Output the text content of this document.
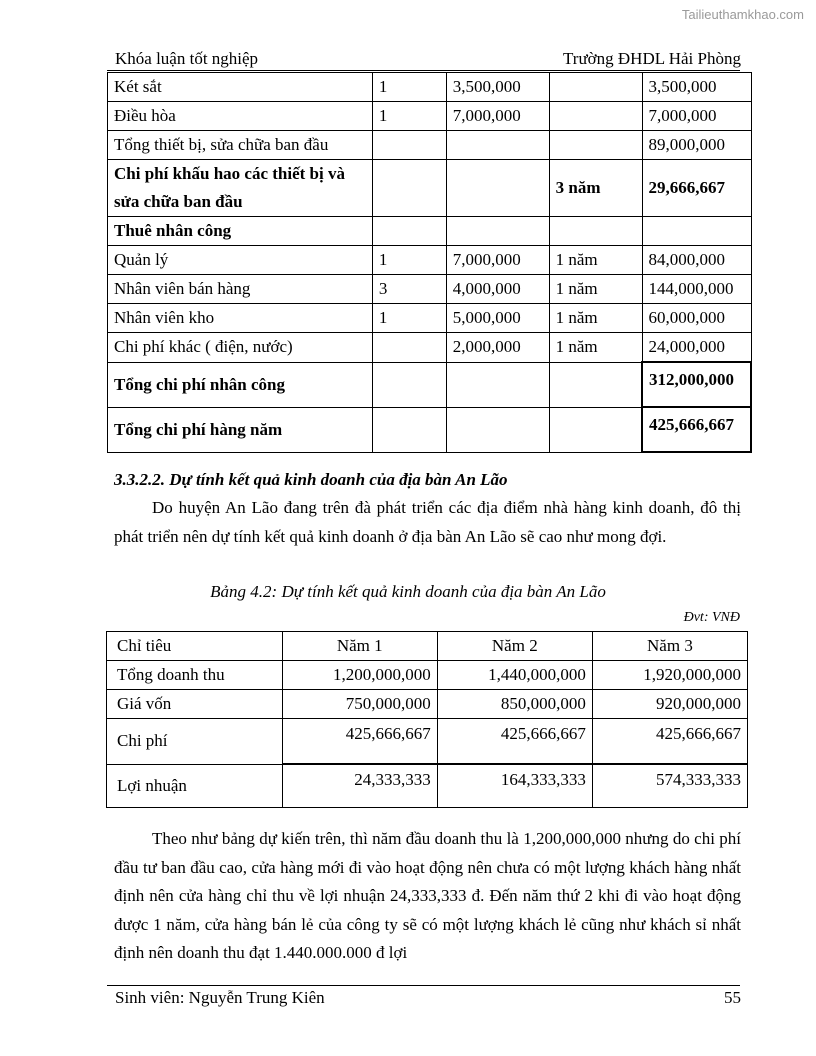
Tailieuthamkhao.com
Khóa luận tốt nghiệp	Trường ĐHDL Hải Phòng
Két sắt	1	3,500,000		3,500,000
Điều hòa	1	7,000,000		7,000,000
Tổng thiết bị, sửa chữa ban đầu				89,000,000
Chi phí khấu hao các thiết bị và sửa chữa ban đầu			3 năm	29,666,667
Thuê nhân công				
Quản lý	1	7,000,000	1 năm	84,000,000
Nhân viên bán hàng	3	4,000,000	1 năm	144,000,000
Nhân viên kho	1	5,000,000	1 năm	60,000,000
Chi phí khác ( điện, nước)		2,000,000	1 năm	24,000,000
Tổng chi phí nhân công				312,000,000
Tổng chi phí hàng năm				425,666,667
3.3.2.2. Dự tính kết quả kinh doanh của địa bàn An Lão

Do huyện An Lão đang trên đà phát triển các địa điểm nhà hàng kinh doanh, đô thị phát triển nên dự tính kết quả kinh doanh ở địa bàn An Lão sẽ cao như mong đợi.

Bảng 4.2: Dự tính kết quả kinh doanh của địa bàn An Lão
Đvt: VNĐ
Chỉ tiêu	Năm 1	Năm 2	Năm 3
Tổng doanh thu	1,200,000,000	1,440,000,000	1,920,000,000
Giá vốn	750,000,000	850,000,000	920,000,000
Chi phí	425,666,667	425,666,667	425,666,667
Lợi nhuận	24,333,333	164,333,333	574,333,333

Theo như bảng dự kiến trên, thì năm đầu doanh thu là 1,200,000,000 nhưng do chi phí đầu tư ban đầu cao, cửa hàng mới đi vào hoạt động nên chưa có một lượng khách hàng nhất định nên cửa hàng chỉ thu về lợi nhuận 24,333,333 đ. Đến năm thứ 2 khi đi vào hoạt động được 1 năm, cửa hàng bán lẻ của công ty sẽ có một lượng khách lẻ cũng như khách sỉ nhất định nên doanh thu đạt 1.440.000.000 đ lợi

Sinh viên: Nguyễn Trung Kiên	55
